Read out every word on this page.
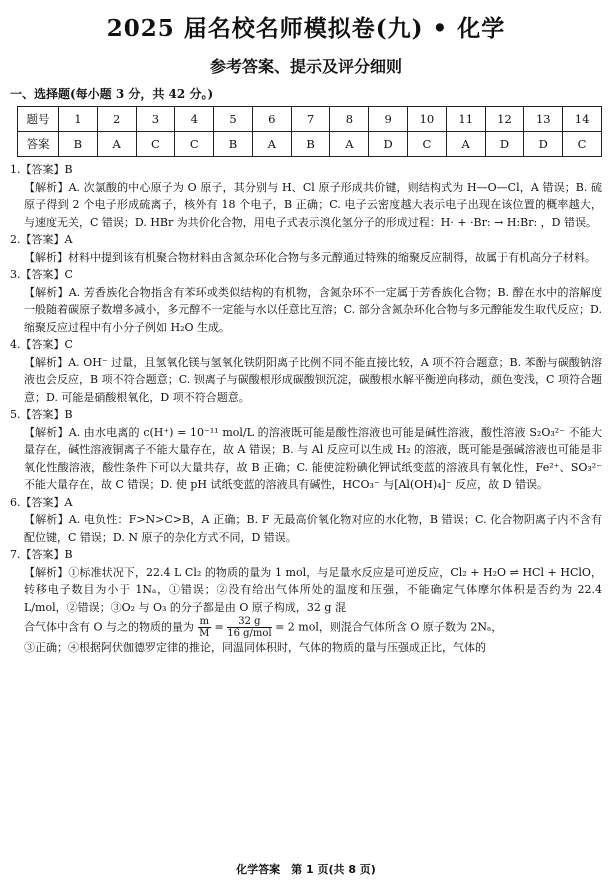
2025 届名校名师模拟卷(九) • 化学
参考答案、提示及评分细则
一、选择题(每小题 3 分，共 42 分。)
题号	1	2	3	4	5	6	7	8	9	10	11	12	13	14
答案	B	A	C	C	B	A	B	A	D	C	A	D	D	C
1.【答案】B
【解析】A. 次氯酸的中心原子为 O 原子，其分别与 H、Cl 原子形成共价键，则结构式为 H—O—Cl，A 错误；B. 硫原子得到 2 个电子形成硫离子，核外有 18 个电子，B 正确；C. 电子云密度越大表示电子出现在该位置的概率越大，与速度无关，C 错误；D. HBr 为共价化合物，用电子式表示溴化氢分子的形成过程：H· + ·Br: → H:Br: ，D 错误。
2.【答案】A
【解析】材料中提到该有机聚合物材料由含氮杂环化合物与多元醇通过特殊的缩聚反应制得，故属于有机高分子材料。
3.【答案】C
【解析】A. 芳香族化合物指含有苯环或类似结构的有机物，含氮杂环不一定属于芳香族化合物；B. 醇在水中的溶解度一般随着碳原子数增多减小，多元醇不一定能与水以任意比互溶；C. 部分含氮杂环化合物与多元醇能发生取代反应；D. 缩聚反应过程中有小分子例如 H₂O 生成。
4.【答案】C
【解析】A. OH⁻ 过量，且氢氧化镁与氢氧化铁阴阳离子比例不同不能直接比较，A 项不符合题意；B. 苯酚与碳酸钠溶液也会反应，B 项不符合题意；C. 钡离子与碳酸根形成碳酸钡沉淀，碳酸根水解平衡逆向移动，颜色变浅，C 项符合题意；D. 可能是硝酸根氧化，D 项不符合题意。
5.【答案】B
【解析】A. 由水电离的 c(H⁺) = 10⁻¹¹ mol/L 的溶液既可能是酸性溶液也可能是碱性溶液，酸性溶液 S₂O₃²⁻ 不能大量存在，碱性溶液铜离子不能大量存在，故 A 错误；B. 与 Al 反应可以生成 H₂ 的溶液，既可能是强碱溶液也可能是非氧化性酸溶液，酸性条件下可以大量共存，故 B 正确；C. 能使淀粉碘化钾试纸变蓝的溶液具有氧化性，Fe²⁺、SO₃²⁻ 不能大量存在，故 C 错误；D. 使 pH 试纸变蓝的溶液具有碱性，HCO₃⁻ 与[Al(OH)₄]⁻ 反应，故 D 错误。
6.【答案】A
【解析】A. 电负性：F>N>C>B，A 正确；B. F 无最高价氧化物对应的水化物，B 错误；C. 化合物阴离子内不含有配位键，C 错误；D. N 原子的杂化方式不同，D 错误。
7.【答案】B
【解析】①标准状况下，22.4 L Cl₂ 的物质的量为 1 mol，与足量水反应是可逆反应，Cl₂ + H₂O ⇌ HCl + HClO，转移电子数目为小于 1Nₐ，①错误；②没有给出气体所处的温度和压强，不能确定气体摩尔体积是否约为 22.4 L/mol，②错误；③O₂ 与 O₃ 的分子都是由 O 原子构成，32 g 混
合气体中含有 O 与之的物质的量为 $\frac{m}{M} = \frac{32 g}{\text{16 g/mol}} = 2$ mol，则混合气体所含 O 原子数为 2Nₐ，
③正确；④根据阿伏伽德罗定律的推论，同温同体积时，气体的物质的量与压强成正比，气体的
化学答案　第 1 页(共 8 页)
